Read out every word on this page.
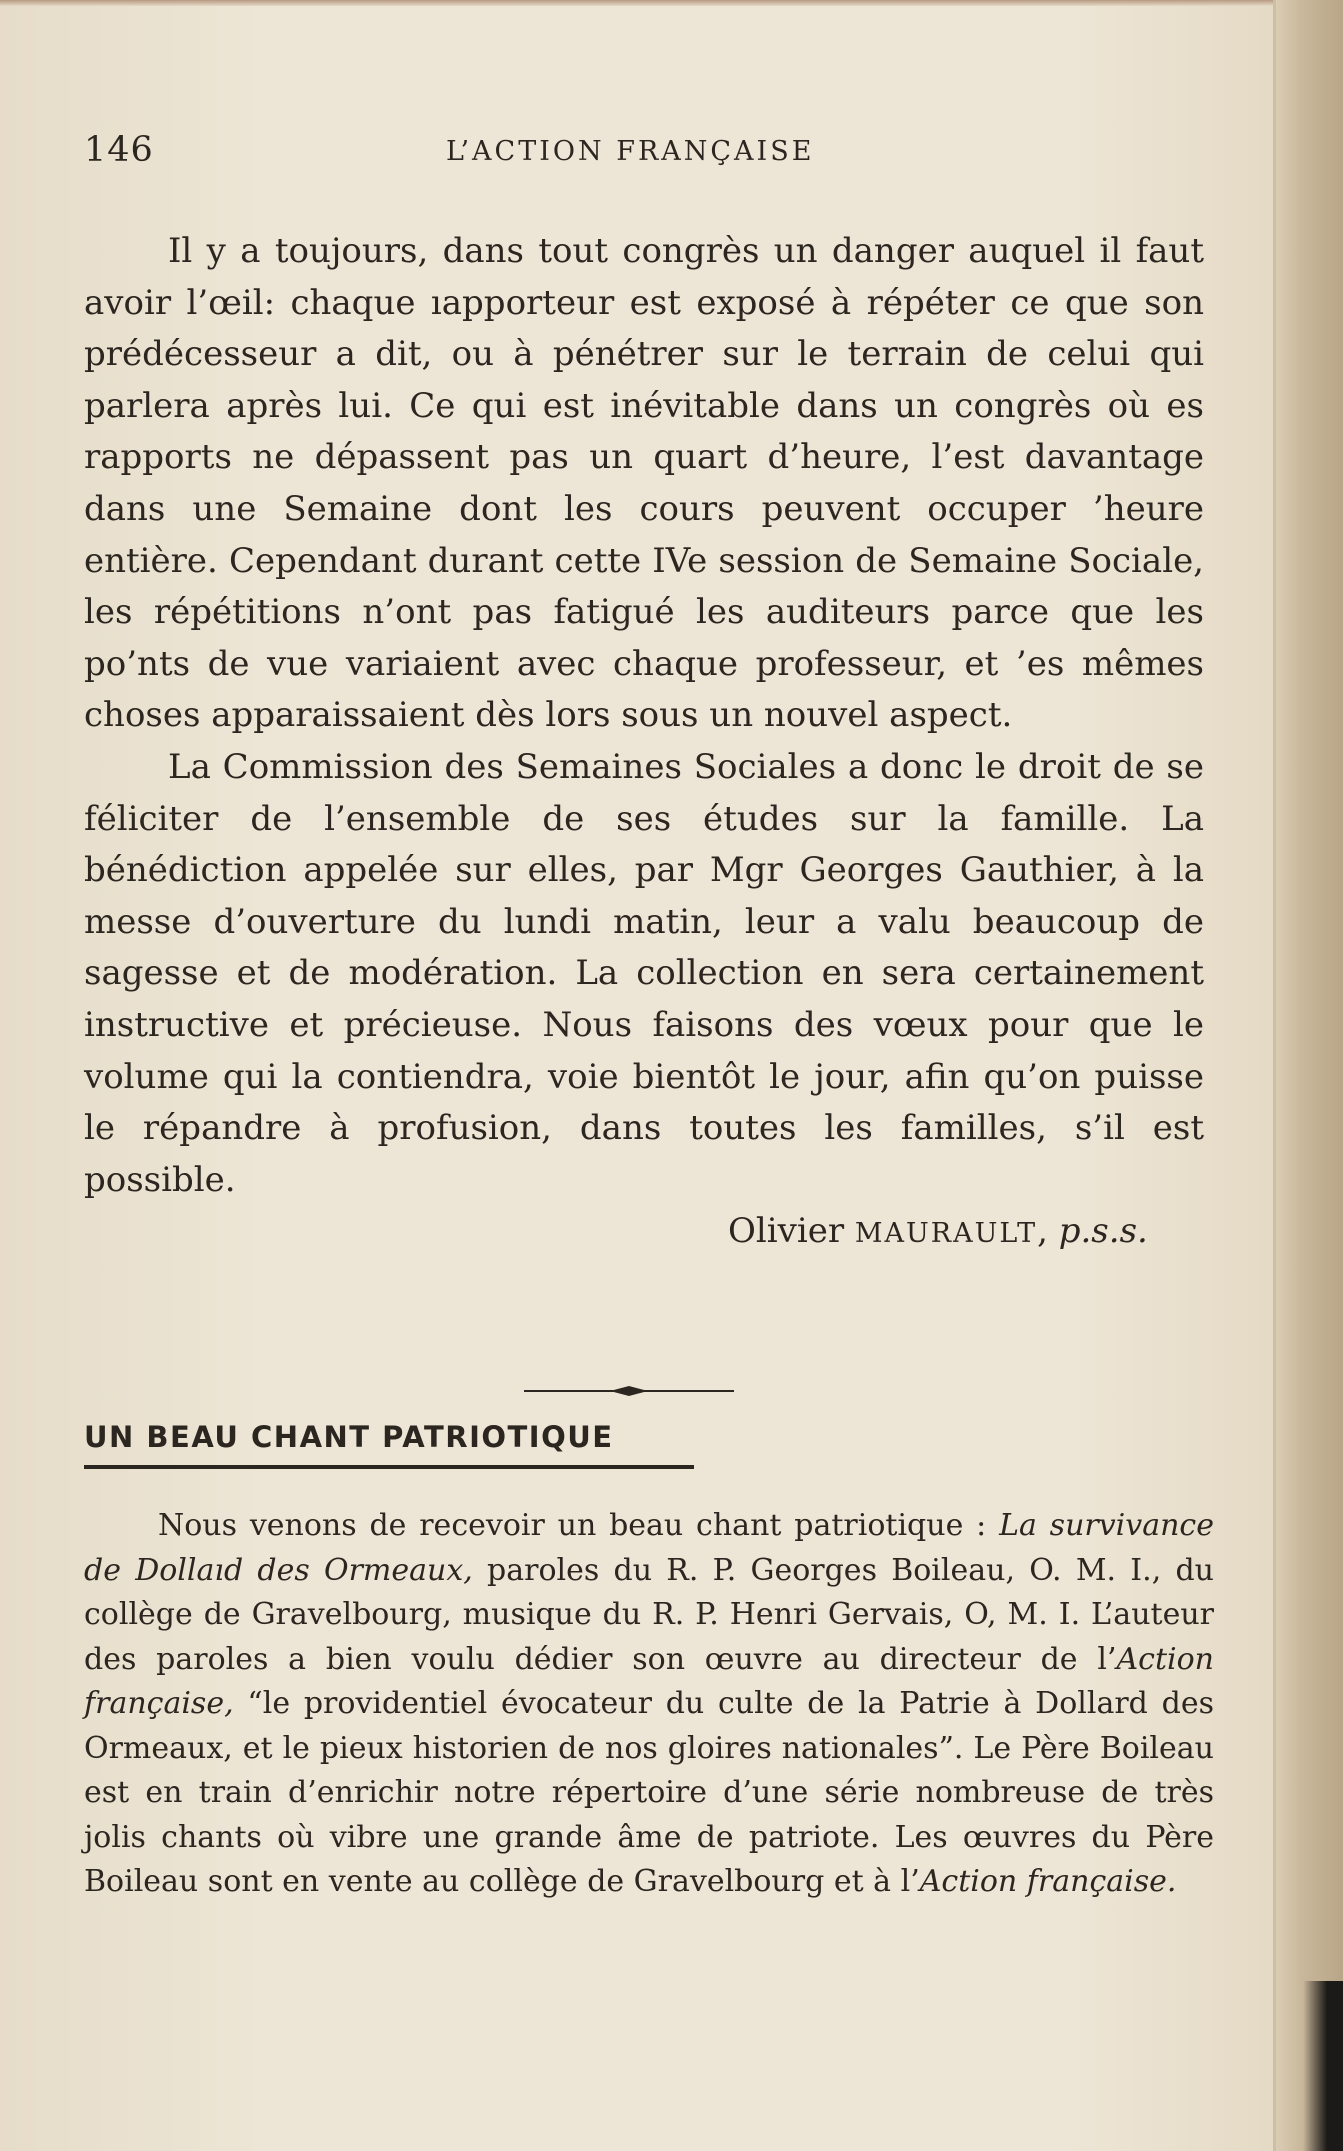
146	L’ACTION FRANÇAISE

Il y a toujours, dans tout congrès un danger auquel il faut avoir l’œil: chaque ıapporteur est exposé à répéter ce que son prédécesseur a dit, ou à pénétrer sur le terrain de celui qui parlera après lui. Ce qui est inévitable dans un congrès où es rapports ne dépassent pas un quart d’heure, l’est davantage dans une Semaine dont les cours peuvent occuper ’heure entière. Cependant durant cette IVe session de Semaine Sociale, les répétitions n’ont pas fatigué les auditeurs parce que les po’nts de vue variaient avec chaque professeur, et ’es mêmes choses apparaissaient dès lors sous un nouvel aspect.

La Commission des Semaines Sociales a donc le droit de se féliciter de l’ensemble de ses études sur la famille. La bénédiction appelée sur elles, par Mgr Georges Gauthier, à la messe d’ouverture du lundi matin, leur a valu beaucoup de sagesse et de modération. La collection en sera certainement instructive et précieuse. Nous faisons des vœux pour que le volume qui la contiendra, voie bientôt le jour, afin qu’on puisse le répandre à profusion, dans toutes les familles, s’il est possible.

Olivier MAURAULT, p.s.s.

UN BEAU CHANT PATRIOTIQUE

Nous venons de recevoir un beau chant patriotique : La survivance de Dollaıd des Ormeaux, paroles du R. P. Georges Boileau, O. M. I., du collège de Gravelbourg, musique du R. P. Henri Gervais, O, M. I. L’auteur des paroles a bien voulu dédier son œuvre au directeur de l’Action française, “le providentiel évocateur du culte de la Patrie à Dollard des Ormeaux, et le pieux historien de nos gloires nationales”. Le Père Boileau est en train d’enrichir notre répertoire d’une série nombreuse de très jolis chants où vibre une grande âme de patriote. Les œuvres du Père Boileau sont en vente au collège de Gravelbourg et à l’Action française.
